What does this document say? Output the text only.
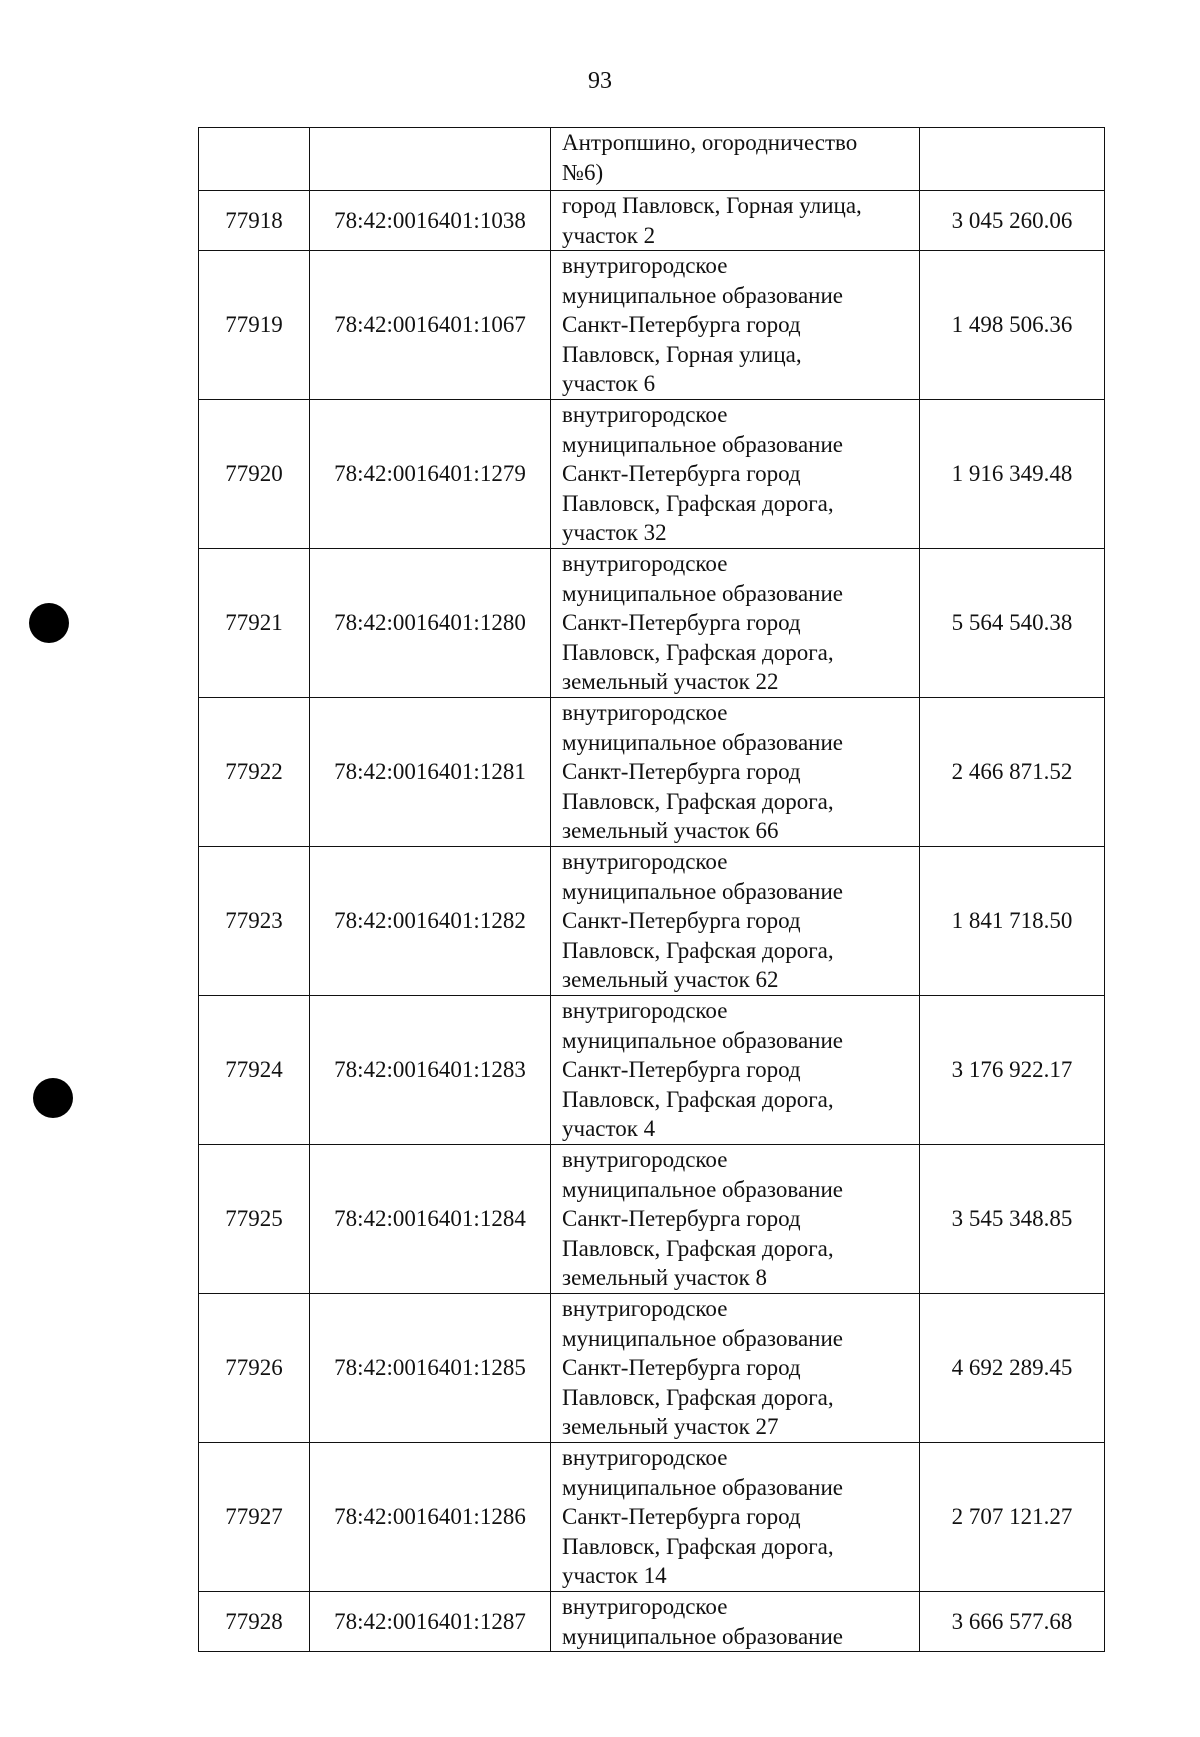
93
		Антропшино, огородничество
№6)	
77918	78:42:0016401:1038	город Павловск, Горная улица,
участок 2	3 045 260.06
77919	78:42:0016401:1067	внутригородское
муниципальное образование
Санкт-Петербурга город
Павловск, Горная улица,
участок 6	1 498 506.36
77920	78:42:0016401:1279	внутригородское
муниципальное образование
Санкт-Петербурга город
Павловск, Графская дорога,
участок 32	1 916 349.48
77921	78:42:0016401:1280	внутригородское
муниципальное образование
Санкт-Петербурга город
Павловск, Графская дорога,
земельный участок 22	5 564 540.38
77922	78:42:0016401:1281	внутригородское
муниципальное образование
Санкт-Петербурга город
Павловск, Графская дорога,
земельный участок 66	2 466 871.52
77923	78:42:0016401:1282	внутригородское
муниципальное образование
Санкт-Петербурга город
Павловск, Графская дорога,
земельный участок 62	1 841 718.50
77924	78:42:0016401:1283	внутригородское
муниципальное образование
Санкт-Петербурга город
Павловск, Графская дорога,
участок 4	3 176 922.17
77925	78:42:0016401:1284	внутригородское
муниципальное образование
Санкт-Петербурга город
Павловск, Графская дорога,
земельный участок 8	3 545 348.85
77926	78:42:0016401:1285	внутригородское
муниципальное образование
Санкт-Петербурга город
Павловск, Графская дорога,
земельный участок 27	4 692 289.45
77927	78:42:0016401:1286	внутригородское
муниципальное образование
Санкт-Петербурга город
Павловск, Графская дорога,
участок 14	2 707 121.27
77928	78:42:0016401:1287	внутригородское
муниципальное образование	3 666 577.68
